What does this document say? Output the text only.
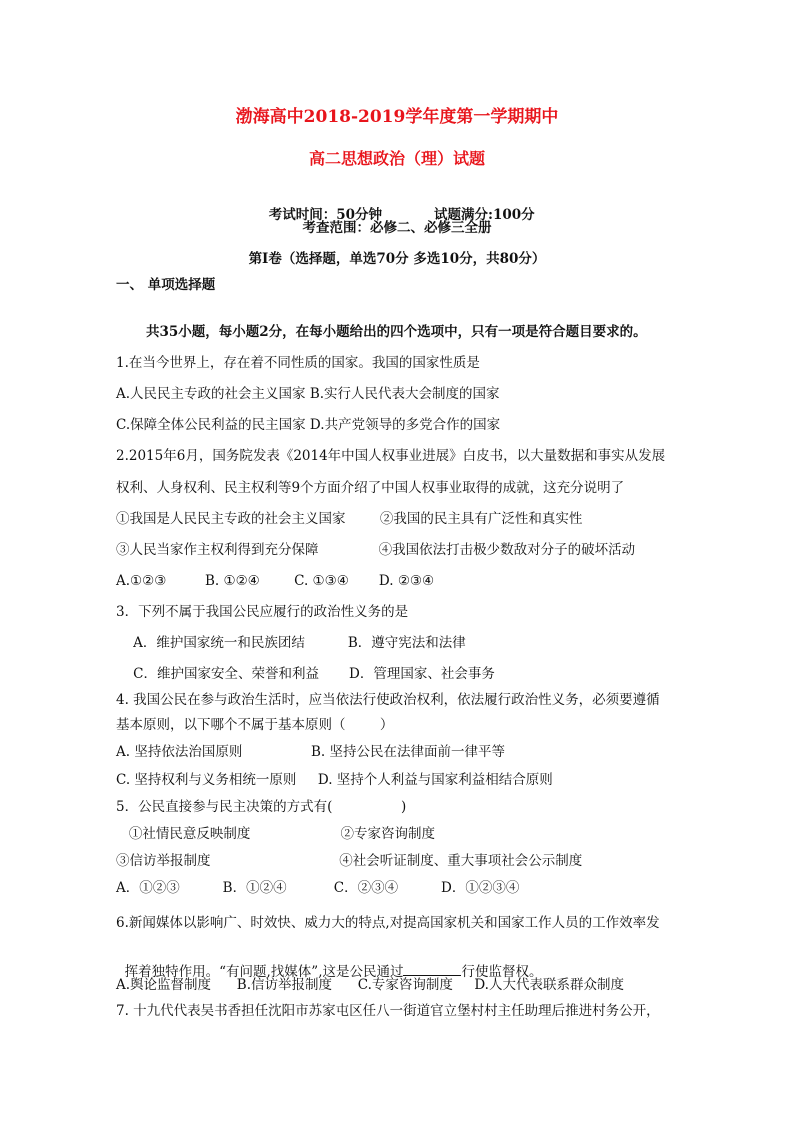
渤海高中2018-2019学年度第一学期期中
高二思想政治（理）试题

考试时间：50分钟	试题满分:100分

考查范围：必修二、必修三全册
第Ⅰ卷（选择题，单选70分 多选10分，共80分）
一、 单项选择题
共35小题，每小题2分，在每小题给出的四个选项中，只有一项是符合题目要求的。
1.在当今世界上，存在着不同性质的国家。我国的国家性质是
A.人民民主专政的社会主义国家 B.实行人民代表大会制度的国家
C.保障全体公民利益的民主国家 D.共产党领导的多党合作的国家
2.2015年6月，国务院发表《2014年中国人权事业进展》白皮书，以大量数据和事实从发展
权利、人身权利、民主权利等9个方面介绍了中国人权事业取得的成就，这充分说明了
①我国是人民民主专政的社会主义国家        ②我国的民主具有广泛性和真实性
③人民当家作主权利得到充分保障              ④我国依法打击极少数敌对分子的破坏活动
A.①②③         B. ①②④        C. ①③④       D. ②③④
3．下列不属于我国公民应履行的政治性义务的是
A．维护国家统一和民族团结          B．遵守宪法和法律
C．维护国家安全、荣誉和利益       D．管理国家、社会事务
4. 我国公民在参与政治生活时，应当依法行使政治权利，依法履行政治性义务，必须要遵循
基本原则，以下哪个不属于基本原则（        ）
A. 坚持依法治国原则                B. 坚持公民在法律面前一律平等
C. 坚持权利与义务相统一原则     D. 坚持个人利益与国家利益相结合原则
5．公民直接参与民主决策的方式有(                )
①社情民意反映制度                     ②专家咨询制度
③信访举报制度                              ④社会听证制度、重大事项社会公示制度
A．①②③          B．①②④           C．②③④          D．①②③④
6.新闻媒体以影响广、时效快、威力大的特点,对提高国家机关和国家工作人员的工作效率发

挥着独特作用。“有问题,找媒体”,这是公民通过	行使监督权。

A.舆论监督制度      B.信访举报制度      C.专家咨询制度     D.人大代表联系群众制度
7. 十九代代表吴书香担任沈阳市苏家屯区任八一街道官立堡村村主任助理后推进村务公开，
